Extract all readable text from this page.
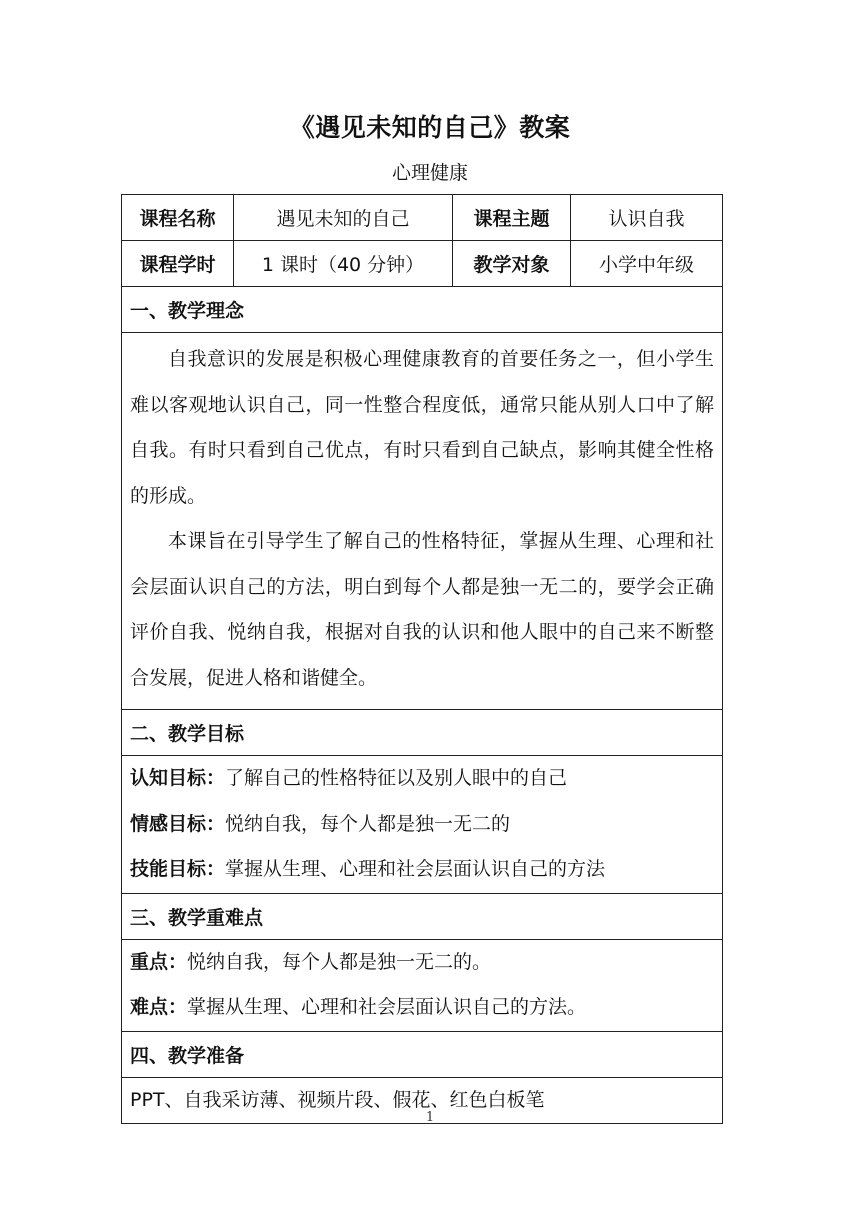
《遇见未知的自己》教案
心理健康
课程名称	遇见未知的自己	课程主题	认识自我
课程学时	1 课时（40 分钟）	教学对象	小学中年级
一、教学理念			

自我意识的发展是积极心理健康教育的首要任务之一，但小学生难以客观地认识自己，同一性整合程度低，通常只能从别人口中了解自我。有时只看到自己优点，有时只看到自己缺点，影响其健全性格的形成。

本课旨在引导学生了解自己的性格特征，掌握从生理、心理和社会层面认识自己的方法，明白到每个人都是独一无二的，要学会正确评价自我、悦纳自我，根据对自我的认识和他人眼中的自己来不断整合发展，促进人格和谐健全。			

二、教学目标			

认知目标：了解自己的性格特征以及别人眼中的自己

情感目标：悦纳自我，每个人都是独一无二的

技能目标：掌握从生理、心理和社会层面认识自己的方法			

三、教学重难点			

重点：悦纳自我，每个人都是独一无二的。

难点：掌握从生理、心理和社会层面认识自己的方法。			

四、教学准备			

PPT、自我采访薄、视频片段、假花、红色白板笔			

1
